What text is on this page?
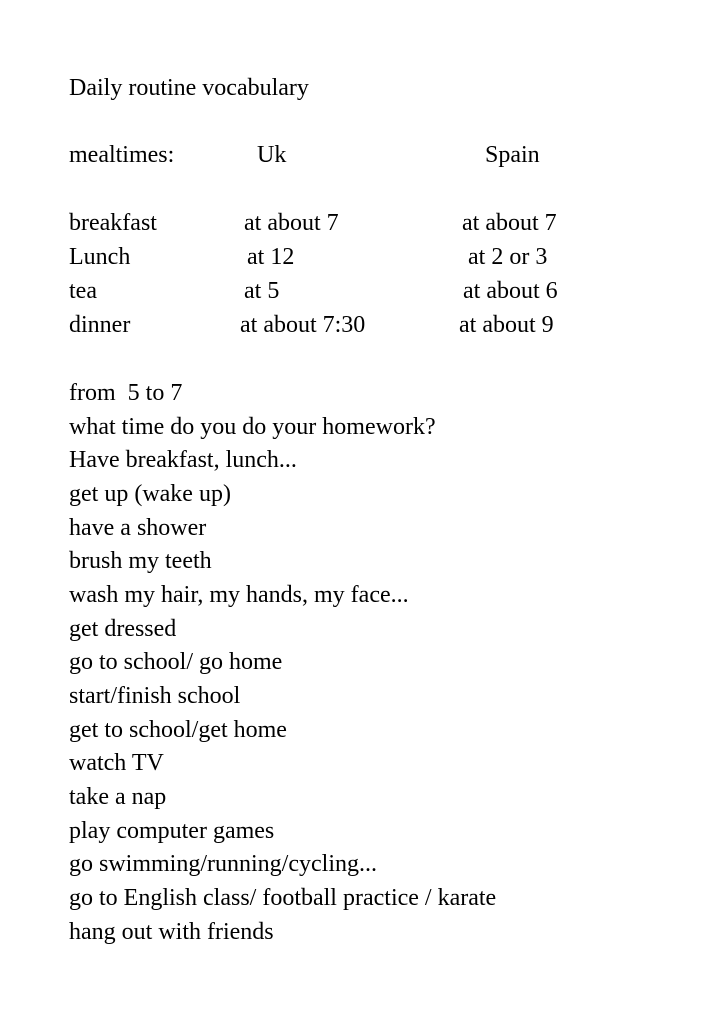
Daily routine vocabulary
mealtimes:	Uk	Spain
breakfast	at about 7	at about 7
Lunch	at 12	at 2 or 3
tea	at 5	at about 6
dinner	at about 7:30	at about 9
from  5 to 7
what time do you do your homework?
Have breakfast, lunch...
get up (wake up)
have a shower
brush my teeth
wash my hair, my hands, my face...
get dressed
go to school/ go home
start/finish school
get to school/get home
watch TV
take a nap
play computer games
go swimming/running/cycling...
go to English class/ football practice / karate
hang out with friends
